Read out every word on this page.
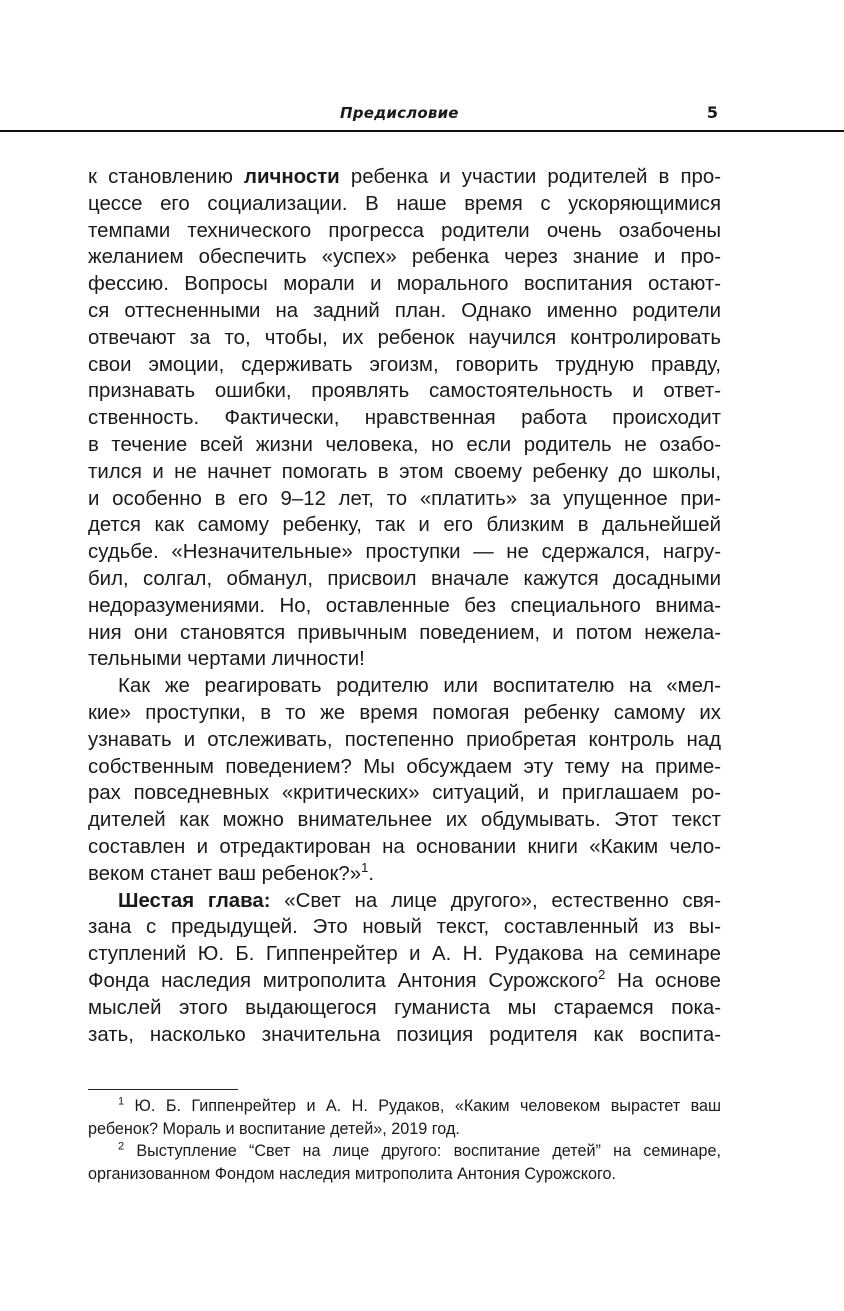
Предисловие	5
к становлению личности ребенка и участии родителей в про-
цессе его социализации. В наше время с ускоряющимися
темпами технического прогресса родители очень озабочены
желанием обеспечить «успех» ребенка через знание и про-
фессию. Вопросы морали и морального воспитания остают-
ся оттесненными на задний план. Однако именно родители
отвечают за то, чтобы, их ребенок научился контролировать
свои эмоции, сдерживать эгоизм, говорить трудную правду,
признавать ошибки, проявлять самостоятельность и ответ-
ственность. Фактически, нравственная работа происходит
в течение всей жизни человека, но если родитель не озабо-
тился и не начнет помогать в этом своему ребенку до школы,
и особенно в его 9–12 лет, то «платить» за упущенное при-
дется как самому ребенку, так и его близким в дальнейшей
судьбе. «Незначительные» проступки — не сдержался, нагру-
бил, солгал, обманул, присвоил вначале кажутся досадными
недоразумениями. Но, оставленные без специального внима-
ния они становятся привычным поведением, и потом нежела-
тельными чертами личности!
Как же реагировать родителю или воспитателю на «мел-
кие» проступки, в то же время помогая ребенку самому их
узнавать и отслеживать, постепенно приобретая контроль над
собственным поведением? Мы обсуждаем эту тему на приме-
рах повседневных «критических» ситуаций, и приглашаем ро-
дителей как можно внимательнее их обдумывать. Этот текст
составлен и отредактирован на основании книги «Каким чело-
веком станет ваш ребенок?»$^1$.
Шестая глава: «Свет на лице другого», естественно свя-
зана с предыдущей. Это новый текст, составленный из вы-
ступлений Ю. Б. Гиппенрейтер и А. Н. Рудакова на семинаре
Фонда наследия митрополита Антония Сурожского$^2$ На основе
мыслей этого выдающегося гуманиста мы стараемся пока-
зать, насколько значительна позиция родителя как воспита-
$^1$ Ю. Б. Гиппенрейтер и А. Н. Рудаков, «Каким человеком вырастет ваш
ребенок? Мораль и воспитание детей», 2019 год.
$^2$ Выступление “Свет на лице другого: воспитание детей” на семинаре,
организованном Фондом наследия митрополита Антония Сурожского.
